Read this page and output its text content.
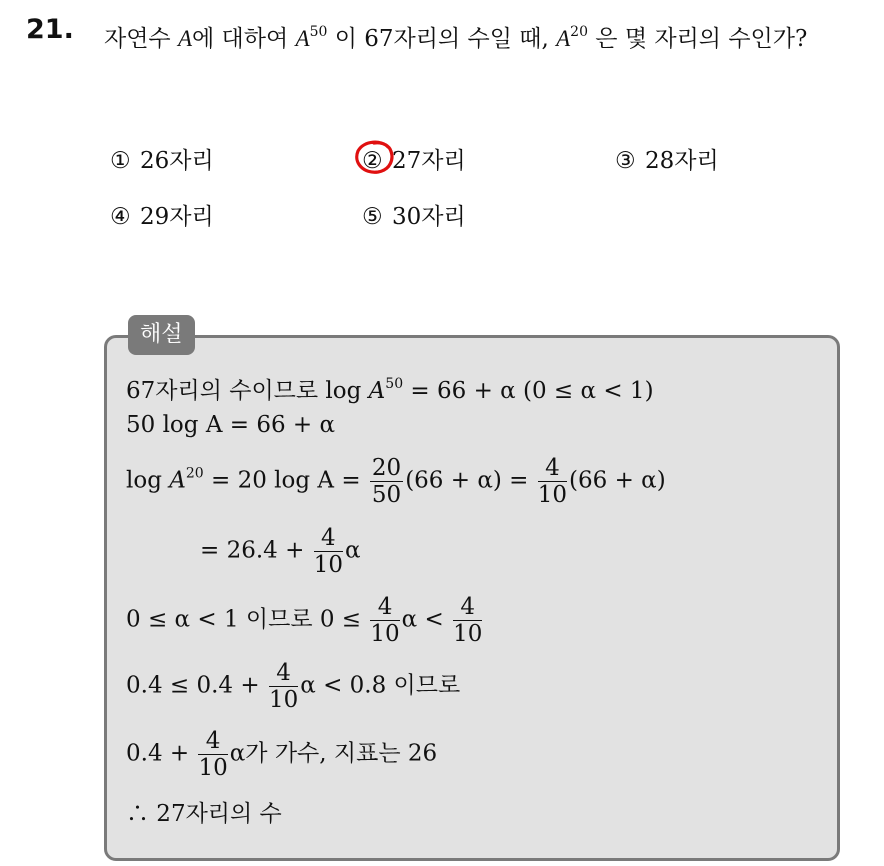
21. 자연수 A에 대하여 $A^{50}$ 이 67자리의 수일 때, $A^{20}$ 은 몇 자리의 수인가?
① 26자리	② 27자리	③ 28자리
④ 29자리	⑤ 30자리
해설
67자리의 수이므로 $\log A^{50} = 66 + \alpha$ (0 ≤ α < 1)
50 log A = 66 + α
$\log A^{20} = 20$ $\log A = \frac{20}{50} (66 + \alpha) = \frac{4}{10} (66 + \alpha)$
= $26.4 + \frac{4}{10}$ α
0 ≤ α < 1 이므로 $0 \le \frac{4}{10}$ $\alpha < \frac{4}{10}$
$0.4 \le 0.4 + \frac{4}{10}$ α < 0.8 이므로
$0.4 + \frac{4}{10}$ α가 가수, 지표는 26
∴ 27자리의 수
